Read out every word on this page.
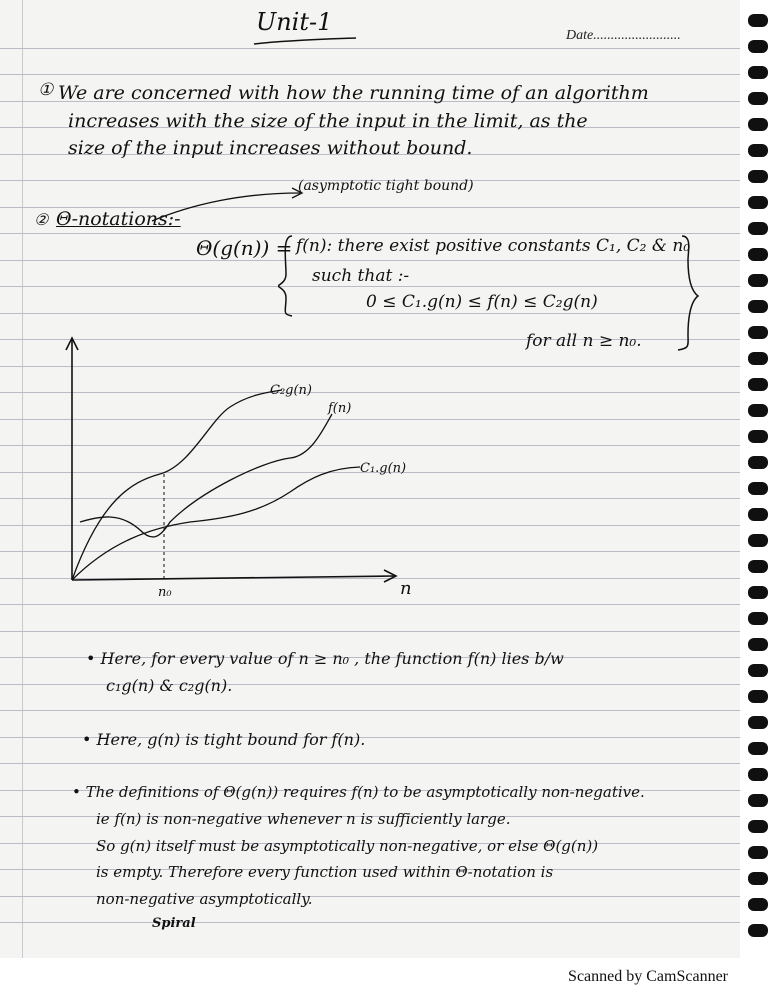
Unit-1	Date.........................
① We are concerned with how the running time of an algorithm
increases with the size of the input in the limit, as the
size of the input increases without bound.
(asymptotic tight bound)
② Θ-notations:-
Θ(g(n)) = f(n): there exist positive constants C₁, C₂ & n₀
such that :-
0 ≤ C₁.g(n) ≤ f(n) ≤ C₂g(n)
for all n ≥ n₀.
C₂g(n)
f(n)
C₁.g(n)
n
n₀
• Here, for every value of n ≥ n₀ , the function f(n) lies b/w
c₁g(n) & c₂g(n).
• Here, g(n) is tight bound for f(n).
• The definitions of Θ(g(n)) requires f(n) to be asymptotically non-negative.
ie f(n) is non-negative whenever n is sufficiently large.
So g(n) itself must be asymptotically non-negative, or else Θ(g(n))
is empty. Therefore every function used within Θ-notation is
non-negative asymptotically.
Spiral
Scanned by CamScanner
